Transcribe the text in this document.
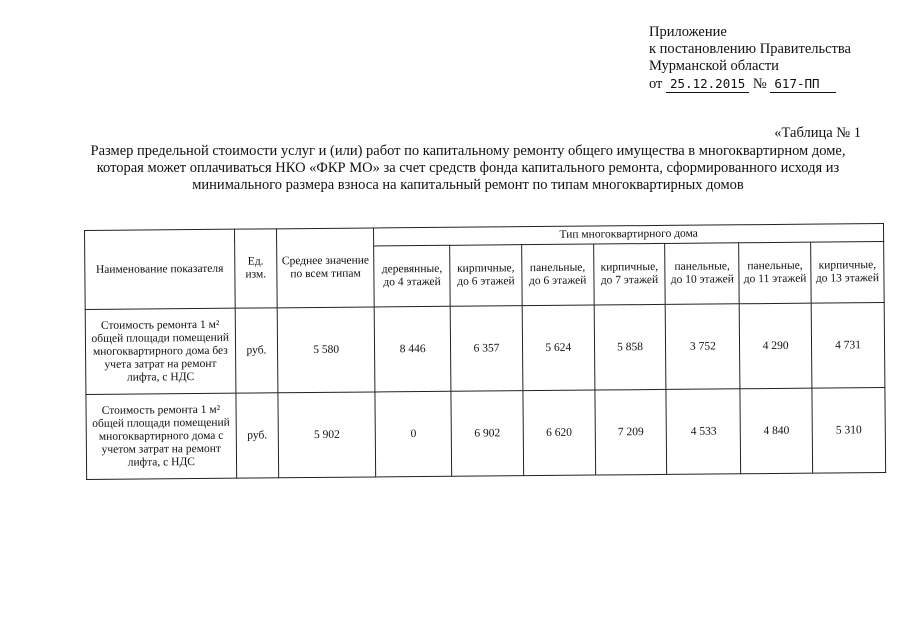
Приложение
к постановлению Правительства
Мурманской области
от 25.12.2015 № 617-ПП
«Таблица № 1
Размер предельной стоимости услуг и (или) работ по капитальному ремонту общего имущества в многоквартирном доме, которая может оплачиваться НКО «ФКР МО» за счет средств фонда капитального ремонта, сформированного исходя из минимального размера взноса на капитальный ремонт по типам многоквартирных домов
Наименование показателя	Ед. изм.	Среднее значение по всем типам	Тип многоквартирного дома						
			деревянные, до 4 этажей	кирпичные, до 6 этажей	панельные, до 6 этажей	кирпичные, до 7 этажей	панельные, до 10 этажей	панельные, до 11 этажей	кирпичные, до 13 этажей
Стоимость ремонта 1 м² общей площади помещений многоквартирного дома без учета затрат на ремонт лифта, с НДС	руб.	5 580	8 446	6 357	5 624	5 858	3 752	4 290	4 731
Стоимость ремонта 1 м² общей площади помещений многоквартирного дома с учетом затрат на ремонт лифта, с НДС	руб.	5 902	0	6 902	6 620	7 209	4 533	4 840	5 310
